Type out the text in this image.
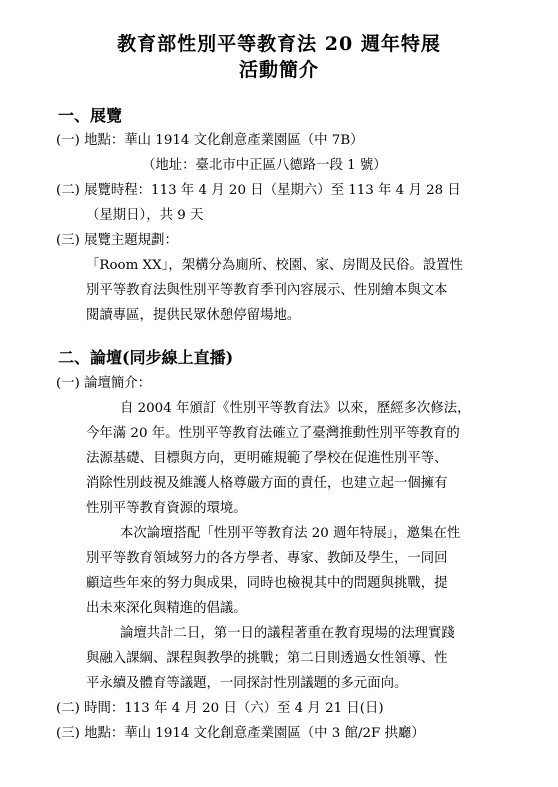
教育部性別平等教育法 20 週年特展
活動簡介
一、展覽
(一) 地點：華山 1914 文化創意產業園區（中 7B）
（地址：臺北市中正區八德路一段 1 號）
(二) 展覽時程：113 年 4 月 20 日（星期六）至 113 年 4 月 28 日
（星期日），共 9 天
(三) 展覽主題規劃：
「Room XX」，架構分為廁所、校園、家、房間及民俗。設置性
別平等教育法與性別平等教育季刊內容展示、性別繪本與文本
閱讀專區，提供民眾休憩停留場地。
二、論壇(同步線上直播)
(一) 論壇簡介：
自 2004 年頒訂《性別平等教育法》以來，歷經多次修法，
今年滿 20 年。性別平等教育法確立了臺灣推動性別平等教育的
法源基礎、目標與方向，更明確規範了學校在促進性別平等、
消除性別歧視及維護人格尊嚴方面的責任，也建立起一個擁有
性別平等教育資源的環境。
本次論壇搭配「性別平等教育法 20 週年特展」，邀集在性
別平等教育領域努力的各方學者、專家、教師及學生，一同回
顧這些年來的努力與成果，同時也檢視其中的問題與挑戰，提
出未來深化與精進的倡議。
論壇共計二日，第一日的議程著重在教育現場的法理實踐
與融入課綱、課程與教學的挑戰；第二日則透過女性領導、性
平永續及體育等議題，一同探討性別議題的多元面向。
(二) 時間：113 年 4 月 20 日（六）至 4 月 21 日(日)
(三) 地點：華山 1914 文化創意產業園區（中 3 館/2F 拱廳）
